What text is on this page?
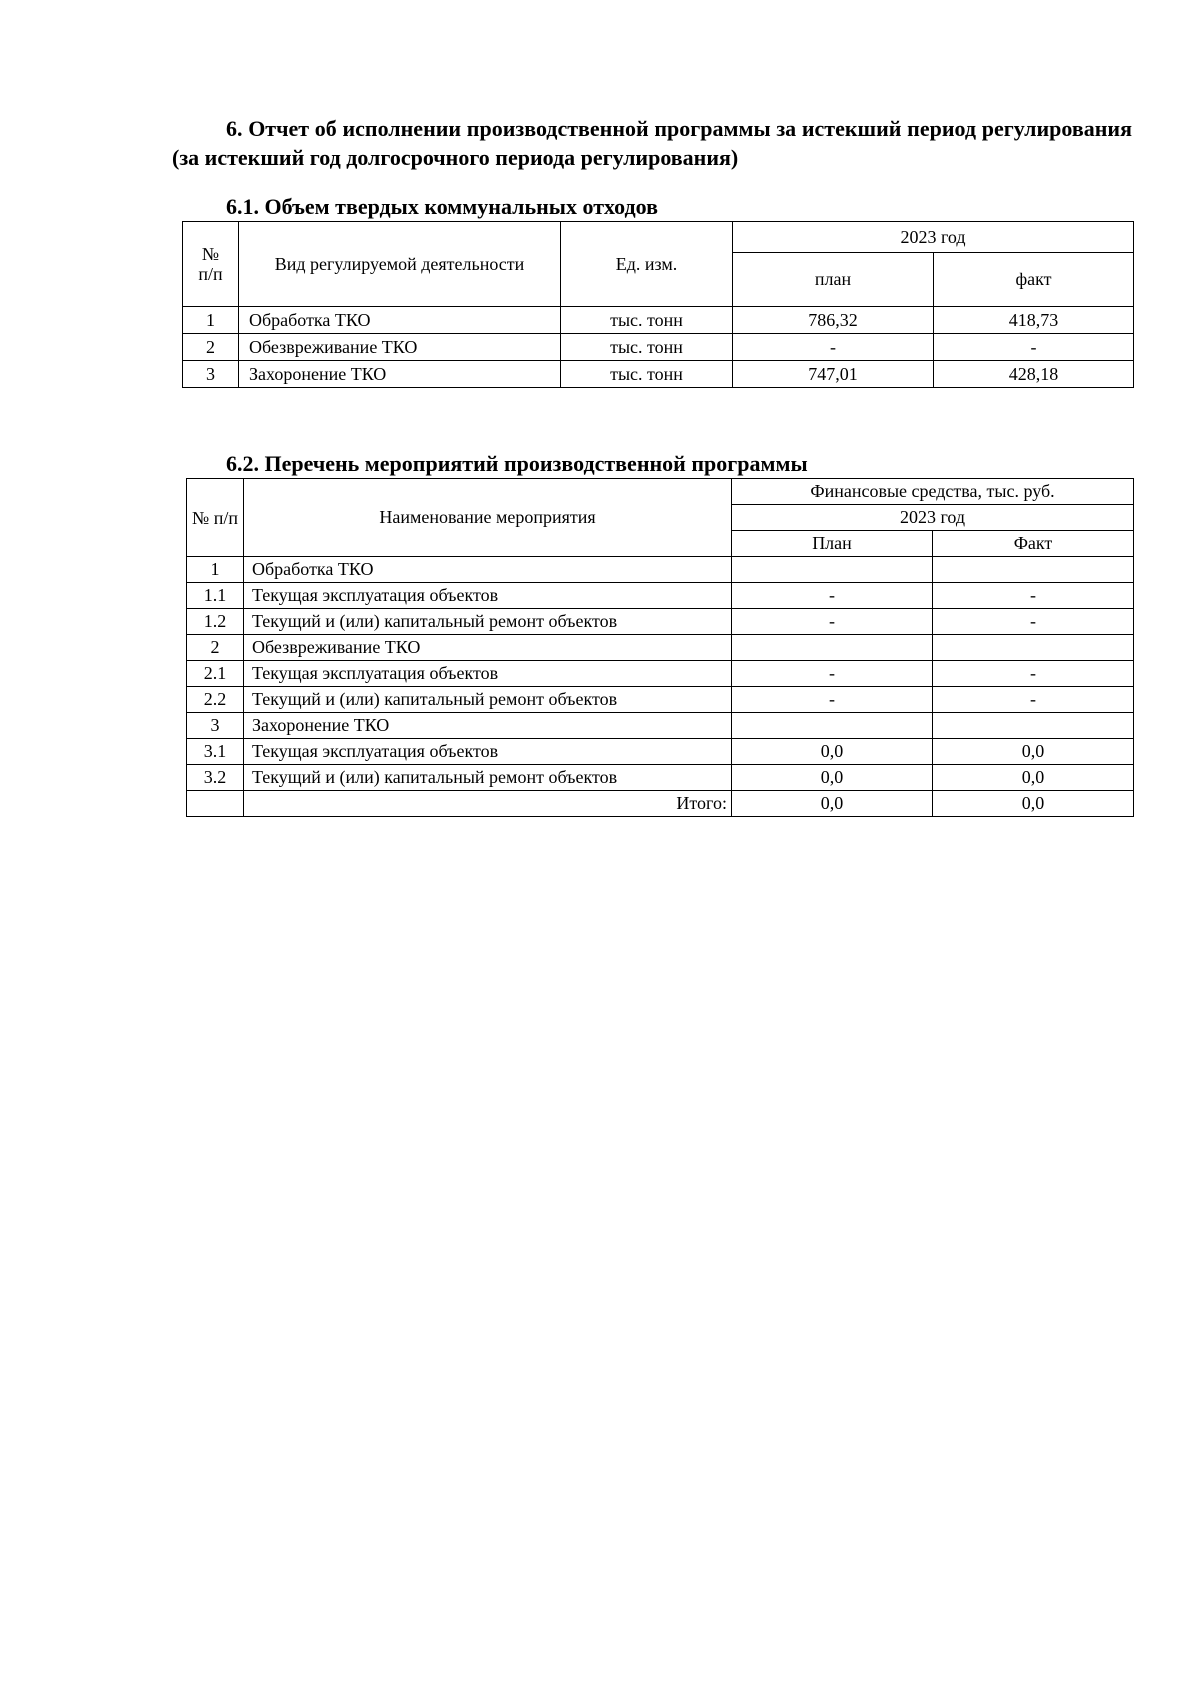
6. Отчет об исполнении производственной программы за истекший период регулирования (за истекший год долгосрочного периода регулирования)
6.1. Объем твердых коммунальных отходов
№ п/п	Вид регулируемой деятельности	Ед. изм.	2023 год	
			план	факт
1	Обработка ТКО	тыс. тонн	786,32	418,73
2	Обезвреживание ТКО	тыс. тонн	-	-
3	Захоронение ТКО	тыс. тонн	747,01	428,18
6.2. Перечень мероприятий производственной программы
№ п/п	Наименование мероприятия	Финансовые средства, тыс. руб.	
		2023 год	
		План	Факт
1	Обработка ТКО		
1.1	Текущая эксплуатация объектов	-	-
1.2	Текущий и (или) капитальный ремонт объектов	-	-
2	Обезвреживание ТКО		
2.1	Текущая эксплуатация объектов	-	-
2.2	Текущий и (или) капитальный ремонт объектов	-	-
3	Захоронение ТКО		
3.1	Текущая эксплуатация объектов	0,0	0,0
3.2	Текущий и (или) капитальный ремонт объектов	0,0	0,0
	Итого:	0,0	0,0
